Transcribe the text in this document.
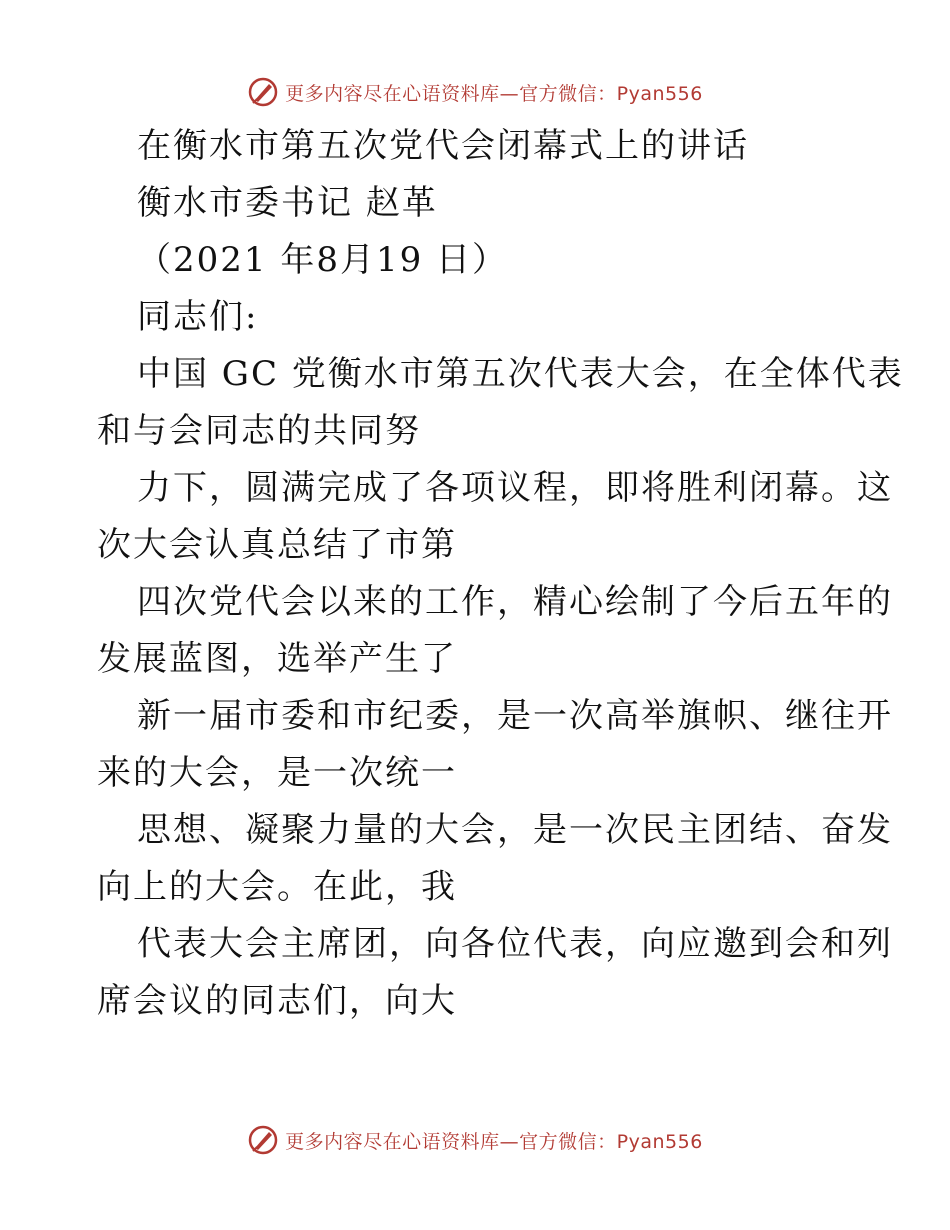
更多内容尽在心语资料库—官方微信：Pyan556
在衡水市第五次党代会闭幕式上的讲话
衡水市委书记 赵革
（2021 年8月19 日）
同志们:
中国 GC 党衡水市第五次代表大会，在全体代表
和与会同志的共同努
力下，圆满完成了各项议程，即将胜利闭幕。这
次大会认真总结了市第
四次党代会以来的工作，精心绘制了今后五年的
发展蓝图，选举产生了
新一届市委和市纪委，是一次高举旗帜、继往开
来的大会，是一次统一
思想、凝聚力量的大会，是一次民主团结、奋发
向上的大会。在此，我
代表大会主席团，向各位代表，向应邀到会和列
席会议的同志们，向大
更多内容尽在心语资料库—官方微信：Pyan556
